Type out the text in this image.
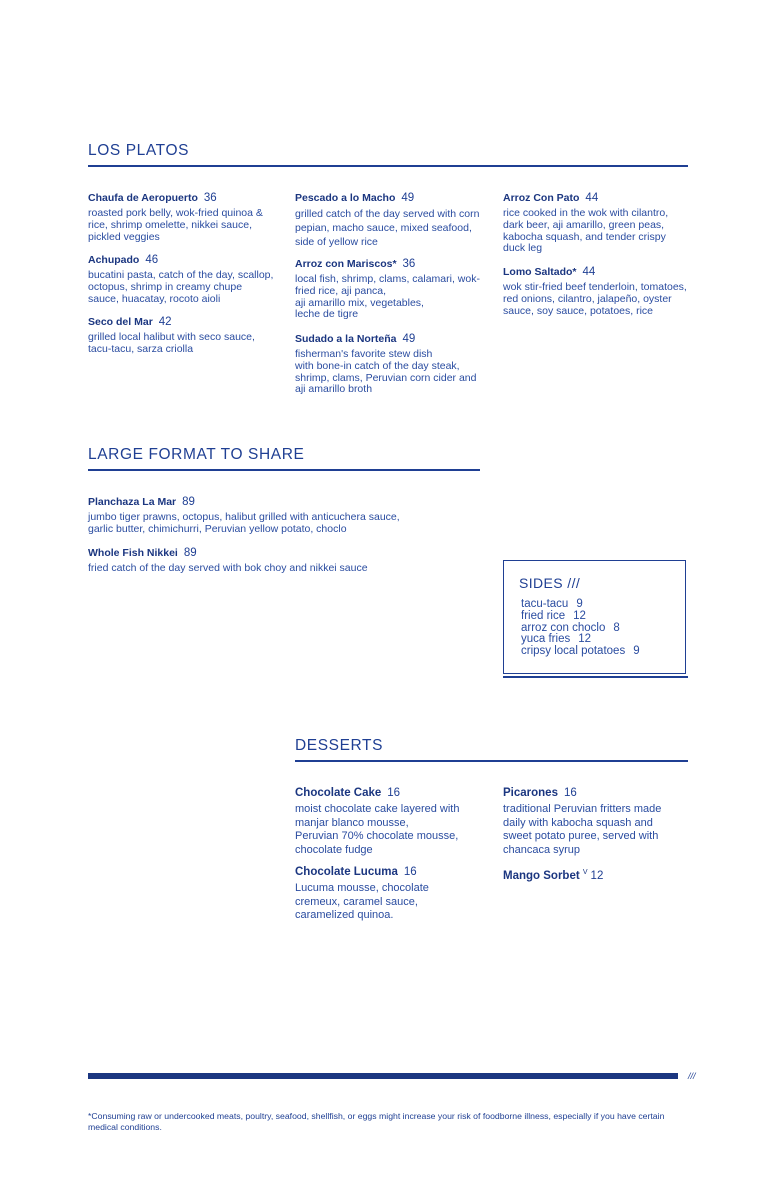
LOS PLATOS
Chaufa de Aeropuerto 36
roasted pork belly, wok-fried quinoa &
rice, shrimp omelette, nikkei sauce,
pickled veggies
Achupado 46
bucatini pasta, catch of the day, scallop,
octopus, shrimp in creamy chupe
sauce, huacatay, rocoto aioli
Seco del Mar 42
grilled local halibut with seco sauce,
tacu-tacu, sarza criolla
Pescado a lo Macho 49
grilled catch of the day served with corn
pepian, macho sauce, mixed seafood,
side of yellow rice
Arroz con Mariscos* 36
local fish, shrimp, clams, calamari, wok-
fried rice, aji panca,
aji amarillo mix, vegetables,
leche de tigre
Sudado a la Norteña 49
fisherman's favorite stew dish
with bone-in catch of the day steak,
shrimp, clams, Peruvian corn cider and
aji amarillo broth
Arroz Con Pato 44
rice cooked in the wok with cilantro,
dark beer, aji amarillo, green peas,
kabocha squash, and tender crispy
duck leg
Lomo Saltado* 44
wok stir-fried beef tenderloin, tomatoes,
red onions, cilantro, jalapeño, oyster
sauce, soy sauce, potatoes, rice
LARGE FORMAT TO SHARE
Planchaza La Mar 89
jumbo tiger prawns, octopus, halibut grilled with anticuchera sauce,
garlic butter, chimichurri, Peruvian yellow potato, choclo
Whole Fish Nikkei 89
fried catch of the day served with bok choy and nikkei sauce
SIDES ///
tacu-tacu 9
fried rice 12
arroz con choclo 8
yuca fries 12
cripsy local potatoes 9
DESSERTS
Chocolate Cake 16
moist chocolate cake layered with
manjar blanco mousse,
Peruvian 70% chocolate mousse,
chocolate fudge
Chocolate Lucuma 16
Lucuma mousse, chocolate
cremeux, caramel sauce,
caramelized quinoa.
Picarones 16
traditional Peruvian fritters made
daily with kabocha squash and
sweet potato puree, served with
chancaca syrup
Mango Sorbet $^V$ 12
///
*Consuming raw or undercooked meats, poultry, seafood, shellfish, or eggs might increase your risk of foodborne illness, especially if you have certain medical conditions.
